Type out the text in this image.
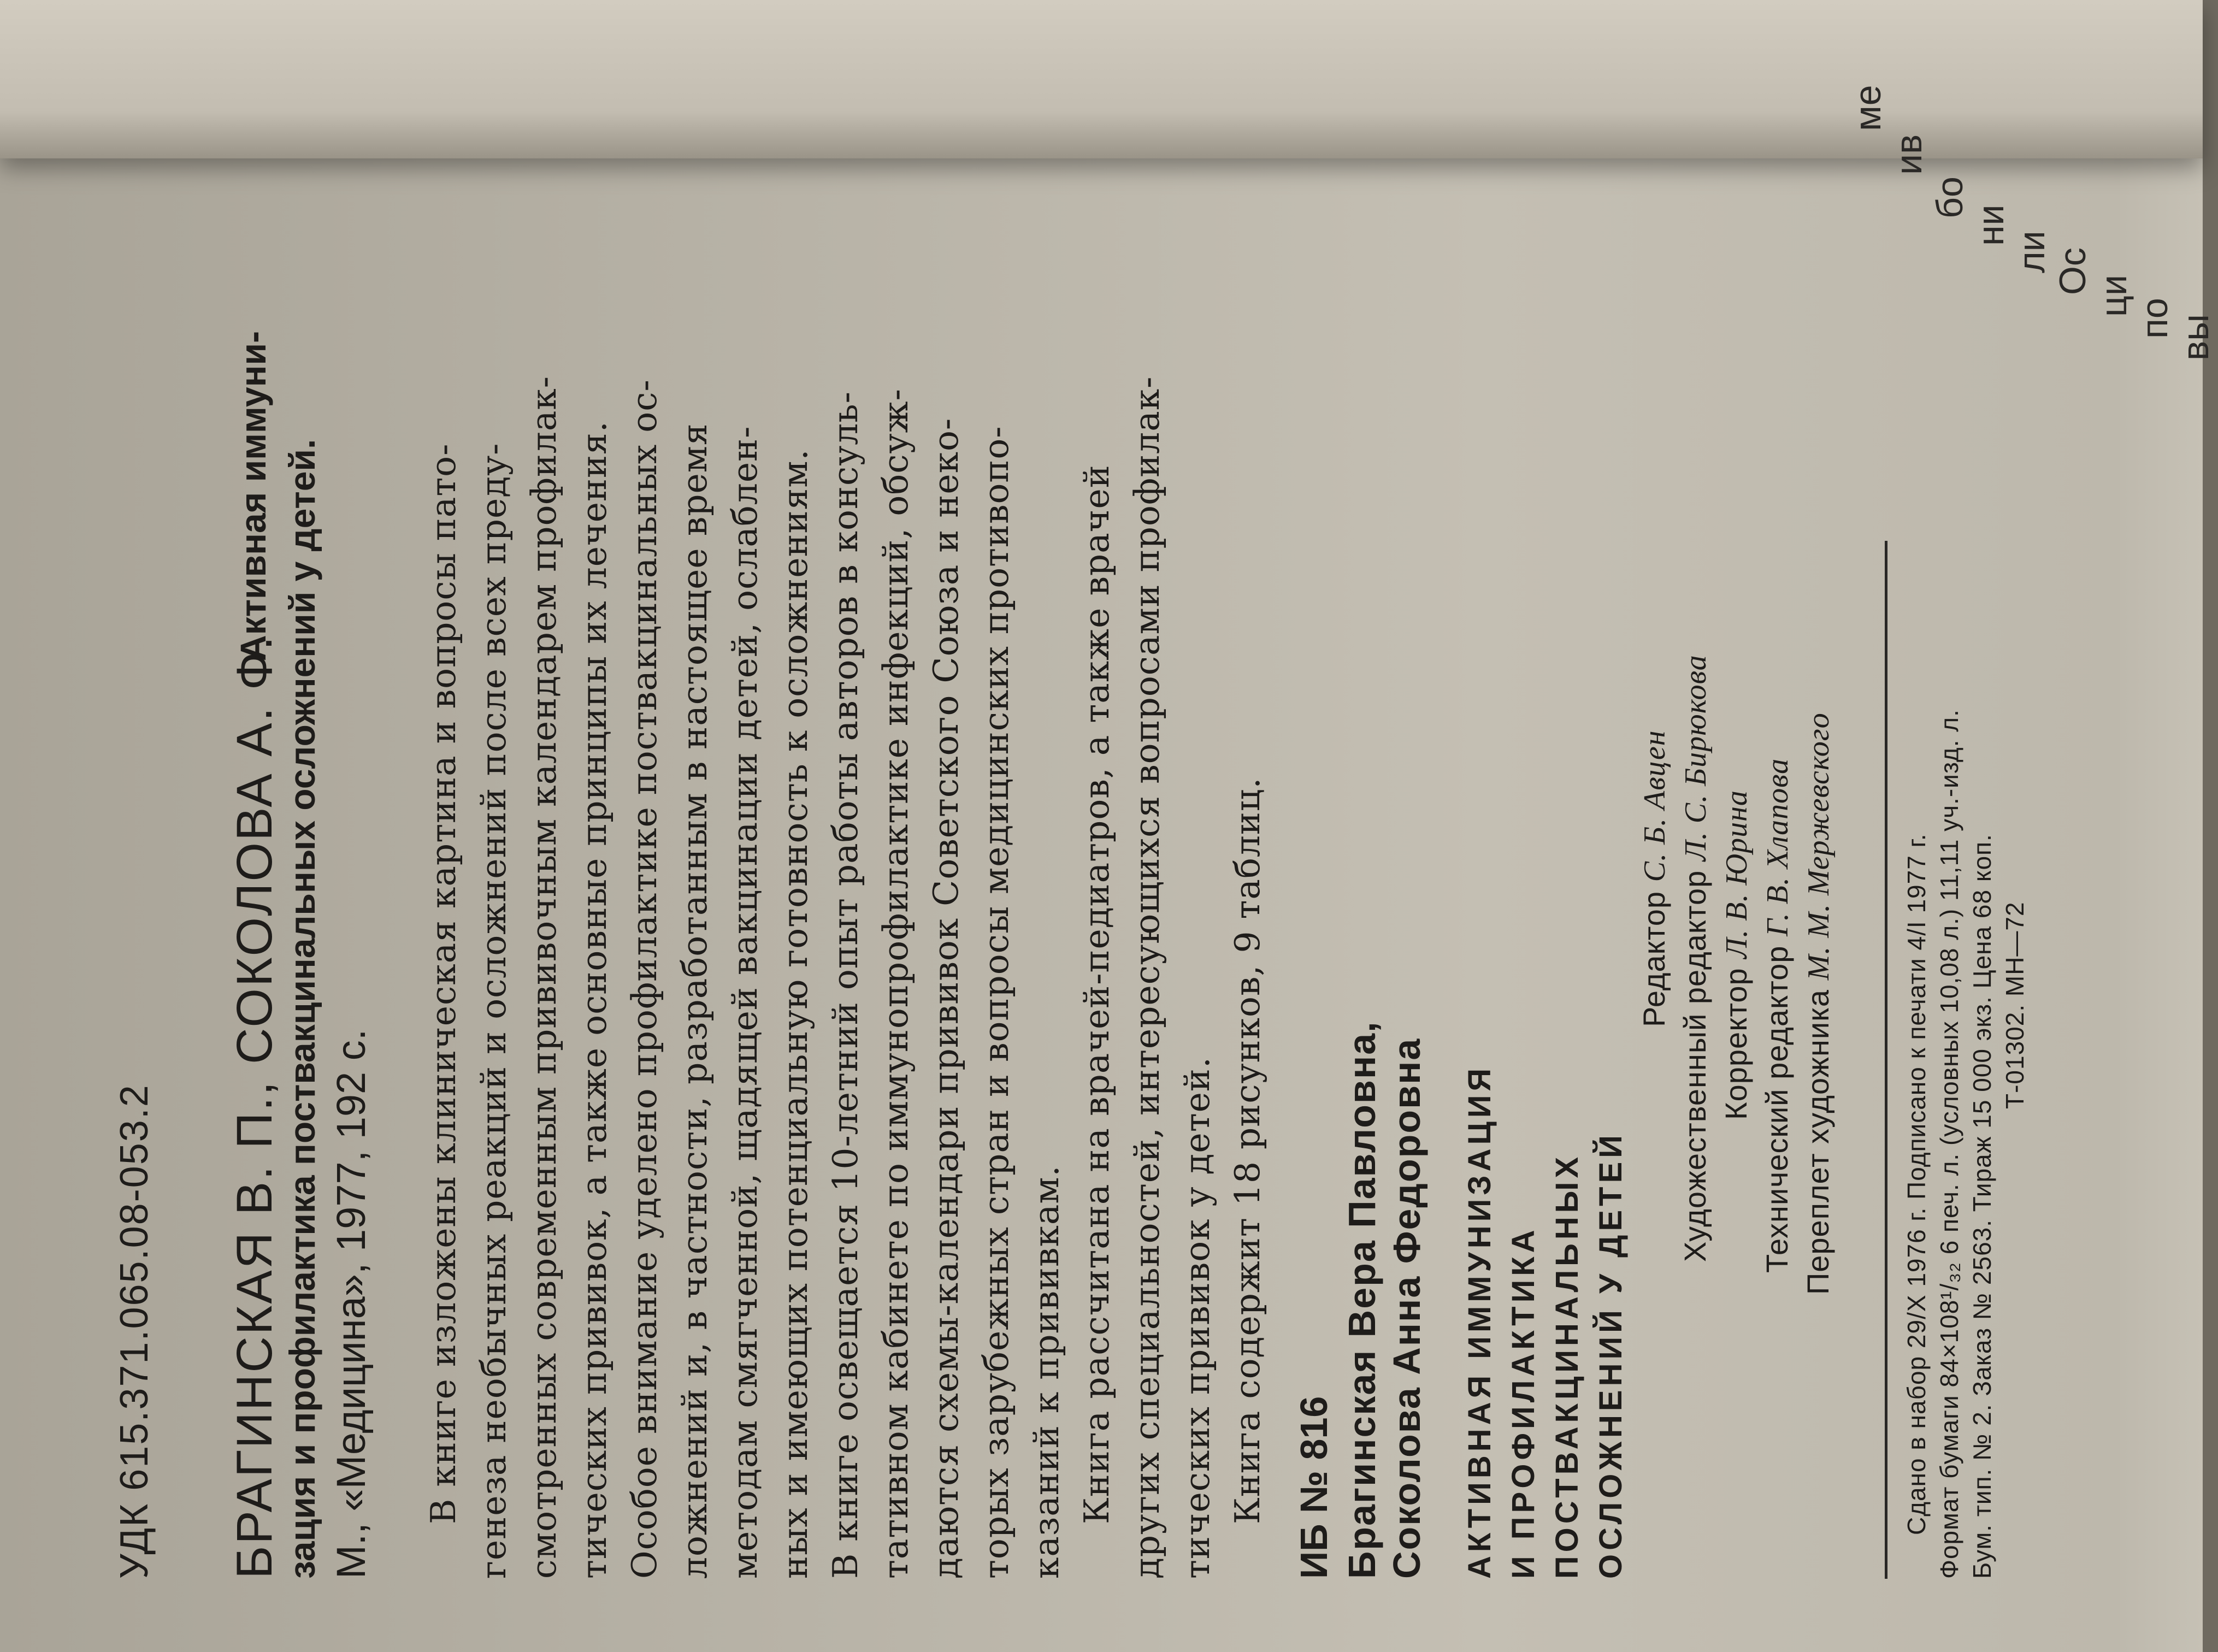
УДК 615.371.065.08-053.2 БРАГИНСКАЯ В. П., СОКОЛОВА А. Ф.
Активная иммуни- зация и профилактика поствакцинальных осложнений у детей. М., «Медицина», 1977, 192 с. В книге изложены клиническая картина и вопросы пато- генеза необычных реакций и осложнений после всех преду- смотренных современным прививочным календарем профилак- тических прививок, а также основные принципы их лечения. Особое внимание уделено профилактике поствакцинальных ос- ложнений и, в частности, разработанным в настоящее время методам смягченной, щадящей вакцинации детей, ослаблен- ных и имеющих потенциальную готовность к осложнениям. В книге освещается 10-летний опыт работы авторов в консуль- тативном кабинете по иммунопрофилактике инфекций, обсуж- даются схемы-календари прививок Советского Союза и неко- торых зарубежных стран и вопросы медицинских противопо- казаний к прививкам. Книга рассчитана на врачей-педиатров, а также врачей других специальностей, интересующихся вопросами профилак- тических прививок у детей. Книга содержит 18 рисунков, 9 таблиц. ИБ № 816 Брагинская Вера Павловна, Соколова Анна Федоровна АКТИВНАЯ ИММУНИЗАЦИЯ И ПРОФИЛАКТИКА ПОСТВАКЦИНАЛЬНЫХ ОСЛОЖНЕНИЙ У ДЕТЕЙ
Редактор С. Б. Авцен
Художественный редактор Л. С. Бирюкова
Корректор Л. В. Юрина
Технический редактор Г. В. Хлапова
Переплет художника М. М. Мержевского	Сдано в набор 29/X 1976 г. Подписано к печати 4/I 1977 г. Формат бумаги 84×108¹/₃₂ 6 печ. л. (условных 10,08 л.) 11,11 уч.-изд. л. Бум. тип. № 2. Заказ № 2563. Тираж 15 000 экз. Цена 68 коп. Т-01302. МН—72
ме
ив
бо
ни
ли Ос
ци
по вы
